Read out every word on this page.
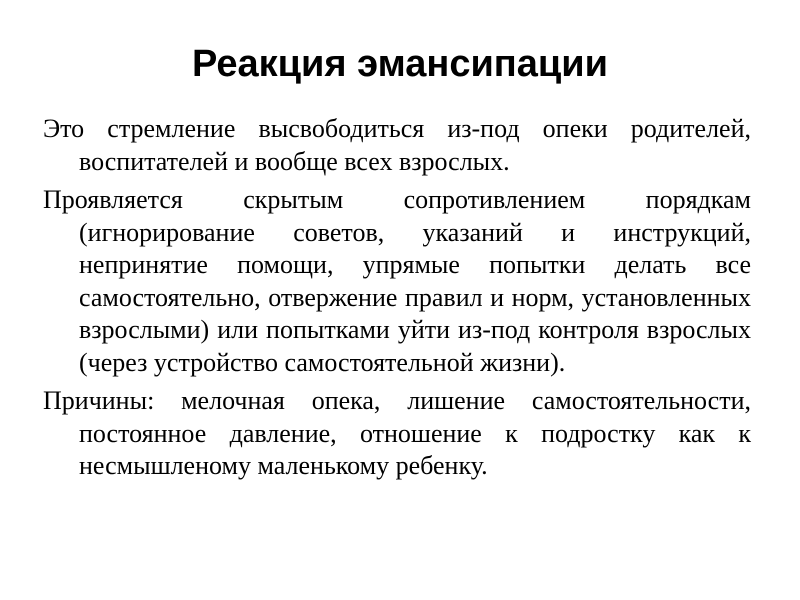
Реакция эмансипации

Это стремление высвободиться из-под опеки родителей, воспитателей и вообще всех взрослых.

Проявляется скрытым сопротивлением порядкам (игнорирование советов, указаний и инструкций, непринятие помощи, упрямые попытки делать все самостоятельно, отвержение правил и норм, установленных взрослыми) или попытками уйти из-под контроля взрослых (через устройство самостоятельной жизни).

Причины: мелочная опека, лишение самостоятельности, постоянное давление, отношение к подростку как к несмышленому маленькому ребенку.
